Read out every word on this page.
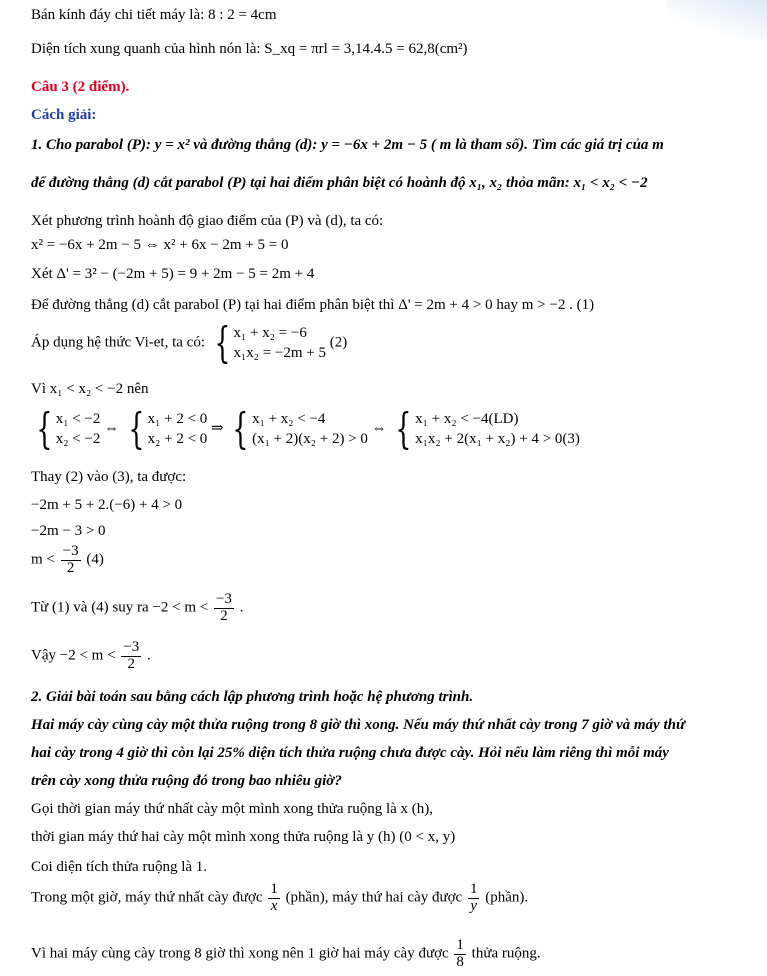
Bán kính đáy chi tiết máy là: 8 : 2 = 4cm
Diện tích xung quanh của hình nón là: S_xq = πrl = 3,14.4.5 = 62,8(cm²)
Câu 3 (2 điểm).
Cách giải:
1. Cho parabol (P): y = x² và đường thẳng (d): y = −6x + 2m − 5 ( m là tham số). Tìm các giá trị của m
để đường thẳng (d) cắt parabol (P) tại hai điểm phân biệt có hoành độ x₁, x₂ thỏa mãn: x₁ < x₂ < −2
Xét phương trình hoành độ giao điểm của (P) và (d), ta có:
x² = −6x + 2m − 5 ⇔ x² + 6x − 2m + 5 = 0
Xét Δ' = 3² − (−2m + 5) = 9 + 2m − 5 = 2m + 4
Để đường thẳng (d) cắt parabol (P) tại hai điểm phân biệt thì Δ' = 2m + 4 > 0 hay m > −2 . (1)
Áp dụng hệ thức Vi-et, ta có: { x₁ + x₂ = −6
x₁x₂ = −2m + 5
(2)
Vì x₁ < x₂ < −2 nên
{ x₁ < −2
x₂ < −2
⇔ { x₁ + 2 < 0
x₂ + 2 < 0
⇒ { x₁ + x₂ < −4
(x₁ + 2)(x₂ + 2) > 0
⇔ { x₁ + x₂ < −4(LD)
x₁x₂ + 2(x₁ + x₂) + 4 > 0(3)
Thay (2) vào (3), ta được:
−2m + 5 + 2.(−6) + 4 > 0
−2m − 3 > 0
$m < \frac{-3}{2} (4)$
Từ (1) và (4) suy ra $-2 < m < \frac{-3}{2}$ .
Vậy $-2 < m < \frac{-3}{2}$ .
2. Giải bài toán sau bằng cách lập phương trình hoặc hệ phương trình.
Hai máy cày cùng cày một thửa ruộng trong 8 giờ thì xong. Nếu máy thứ nhất cày trong 7 giờ và máy thứ
hai cày trong 4 giờ thì còn lại 25% diện tích thửa ruộng chưa được cày. Hỏi nếu làm riêng thì mỗi máy
trên cày xong thửa ruộng đó trong bao nhiêu giờ?
Gọi thời gian máy thứ nhất cày một mình xong thửa ruộng là x (h),
thời gian máy thứ hai cày một mình xong thửa ruộng là y (h) (0 < x, y)
Coi diện tích thửa ruộng là 1.
Trong một giờ, máy thứ nhất cày được $\frac{1}{x}$ (phần), máy thứ hai cày được $\frac{1}{y}$ (phần).
Vì hai máy cùng cày trong 8 giờ thì xong nên 1 giờ hai máy cày được $\frac{1}{8}$ thửa ruộng.
